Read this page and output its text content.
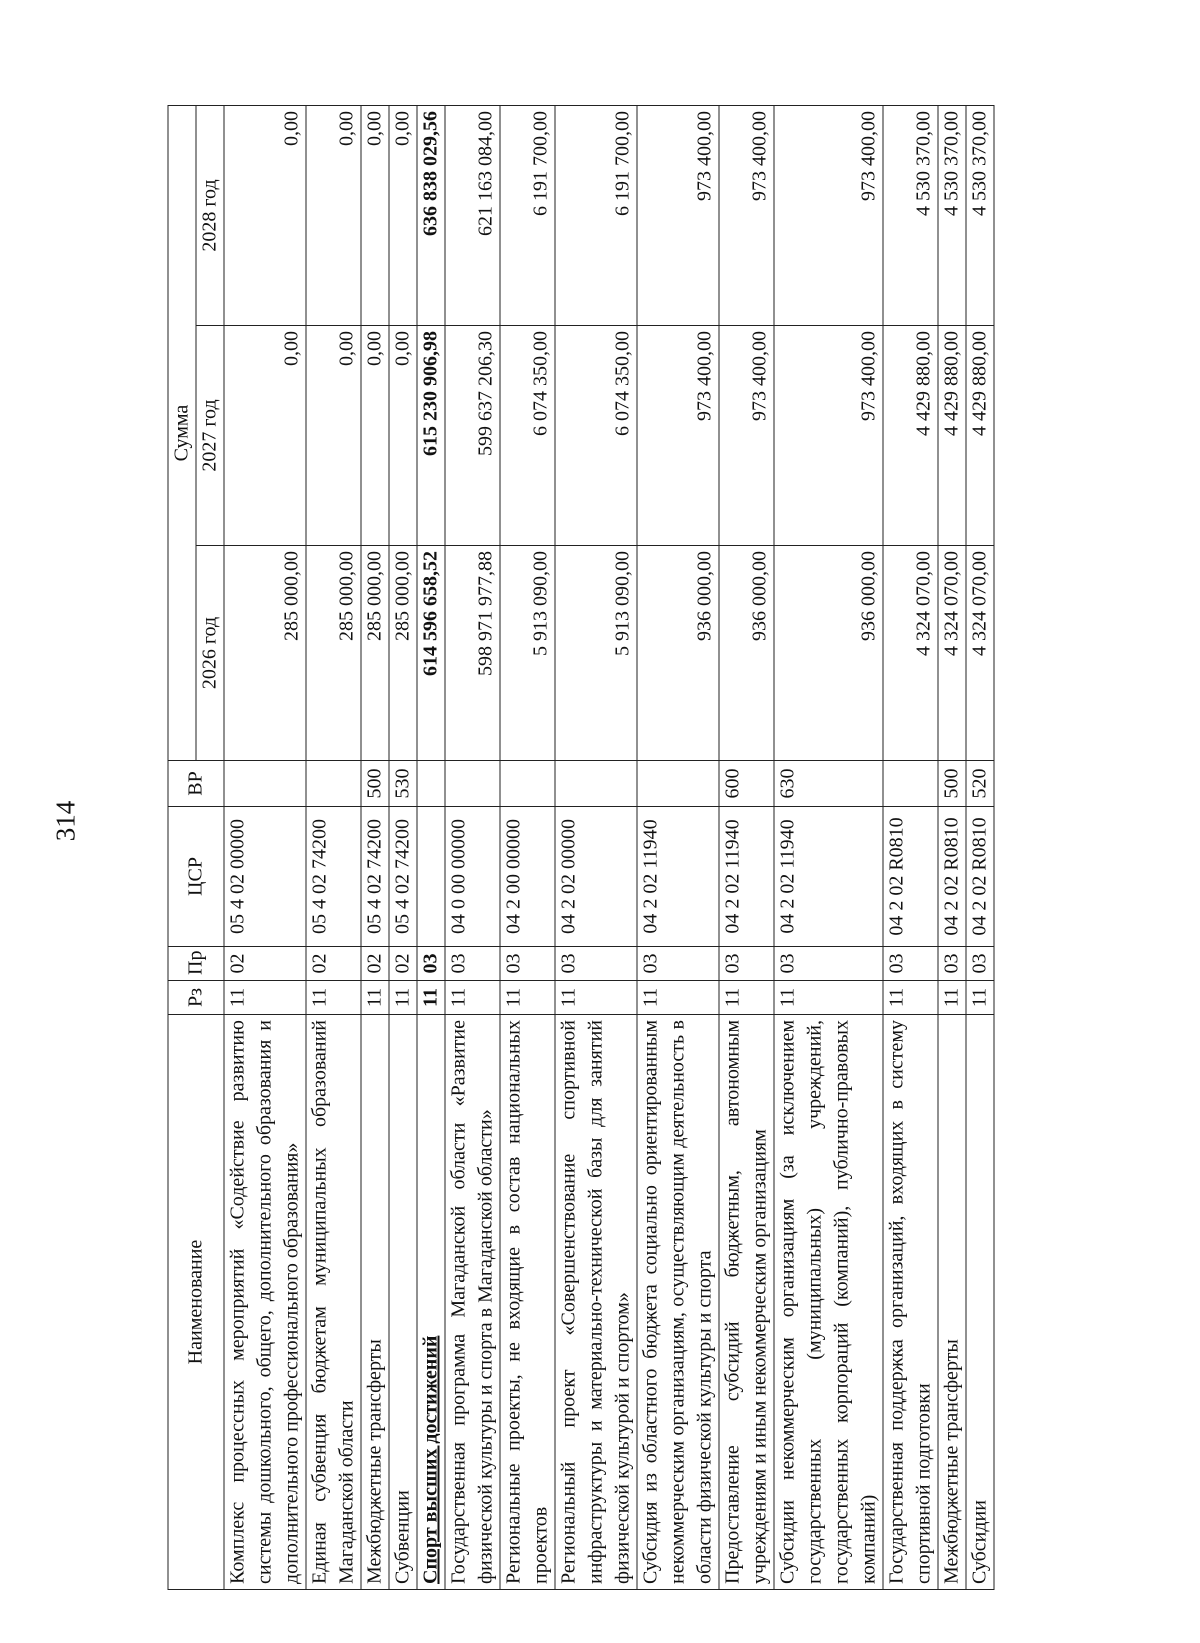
314
Наименование	Рз	Пр	ЦСР	ВР	Сумма		
					2026 год	2027 год	2028 год
Комплекс процессных мероприятий «Содействие развитию системы дошкольного, общего, дополнительного образования и дополнительного профессионального образования»	11	02	05 4 02 00000		285 000,00	0,00	0,00
Единая субвенция бюджетам муниципальных образований Магаданской области	11	02	05 4 02 74200		285 000,00	0,00	0,00
Межбюджетные трансферты	11	02	05 4 02 74200	500	285 000,00	0,00	0,00
Субвенции	11	02	05 4 02 74200	530	285 000,00	0,00	0,00
Спорт высших достижений	11	03			614 596 658,52	615 230 906,98	636 838 029,56
Государственная программа Магаданской области «Развитие физической культуры и спорта в Магаданской области»	11	03	04 0 00 00000		598 971 977,88	599 637 206,30	621 163 084,00
Региональные проекты, не входящие в состав национальных проектов	11	03	04 2 00 00000		5 913 090,00	6 074 350,00	6 191 700,00
Региональный проект «Совершенствование спортивной инфраструктуры и материально-технической базы для занятий физической культурой и спортом»	11	03	04 2 02 00000		5 913 090,00	6 074 350,00	6 191 700,00
Субсидия из областного бюджета социально ориентированным некоммерческим организациям, осуществляющим деятельность в области физической культуры и спорта	11	03	04 2 02 11940		936 000,00	973 400,00	973 400,00
Предоставление субсидий бюджетным, автономным учреждениям и иным некоммерческим организациям	11	03	04 2 02 11940	600	936 000,00	973 400,00	973 400,00
Субсидии некоммерческим организациям (за исключением государственных (муниципальных) учреждений, государственных корпораций (компаний), публично-правовых компаний)	11	03	04 2 02 11940	630	936 000,00	973 400,00	973 400,00
Государственная поддержка организаций, входящих в систему спортивной подготовки	11	03	04 2 02 R0810		4 324 070,00	4 429 880,00	4 530 370,00
Межбюджетные трансферты	11	03	04 2 02 R0810	500	4 324 070,00	4 429 880,00	4 530 370,00
Субсидии	11	03	04 2 02 R0810	520	4 324 070,00	4 429 880,00	4 530 370,00
